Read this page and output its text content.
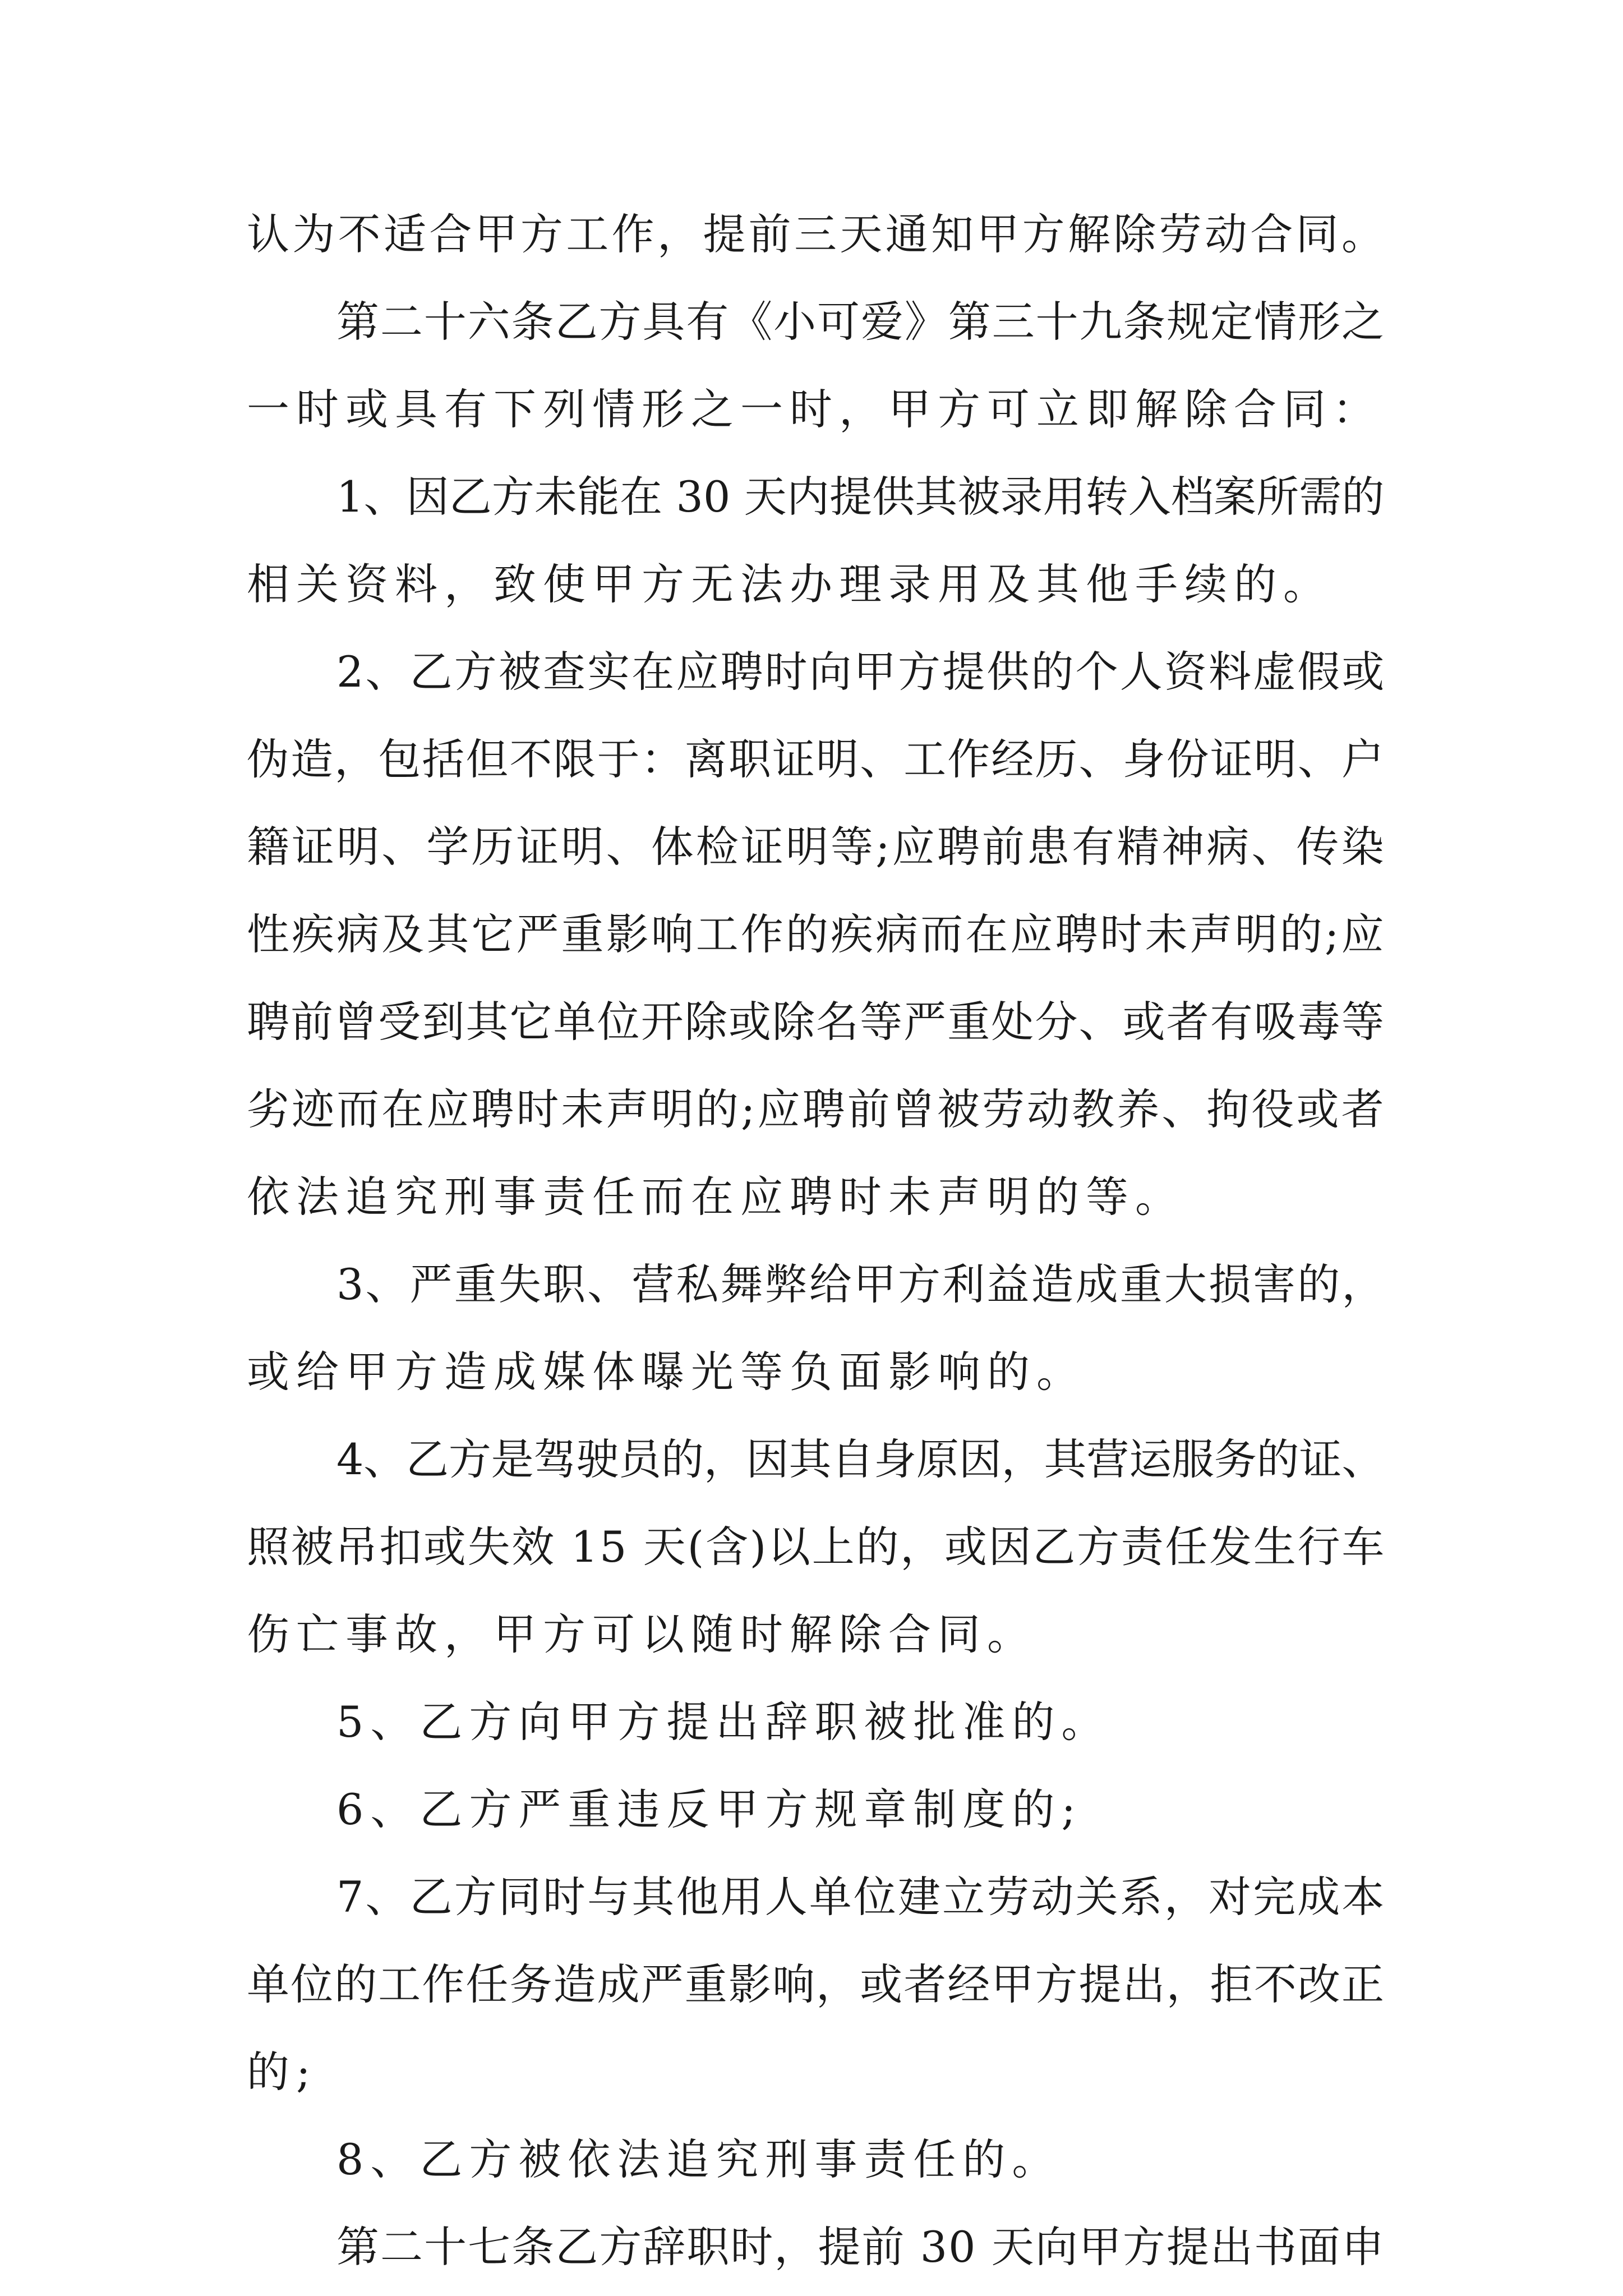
认为不适合甲方工作，提前三天通知甲方解除劳动合同。

第二十六条乙方具有《小可爱》第三十九条规定情形之

一时或具有下列情形之一时，甲方可立即解除合同：

1、因乙方未能在 30 天内提供其被录用转入档案所需的

相关资料，致使甲方无法办理录用及其他手续的。

2、乙方被查实在应聘时向甲方提供的个人资料虚假或

伪造，包括但不限于：离职证明、工作经历、身份证明、户

籍证明、学历证明、体检证明等;应聘前患有精神病、传染

性疾病及其它严重影响工作的疾病而在应聘时未声明的;应

聘前曾受到其它单位开除或除名等严重处分、或者有吸毒等

劣迹而在应聘时未声明的;应聘前曾被劳动教养、拘役或者

依法追究刑事责任而在应聘时未声明的等。

3、严重失职、营私舞弊给甲方利益造成重大损害的，

或给甲方造成媒体曝光等负面影响的。

4、乙方是驾驶员的，因其自身原因，其营运服务的证、

照被吊扣或失效 15 天(含)以上的，或因乙方责任发生行车

伤亡事故，甲方可以随时解除合同。

5、乙方向甲方提出辞职被批准的。

6、乙方严重违反甲方规章制度的;

7、乙方同时与其他用人单位建立劳动关系，对完成本

单位的工作任务造成严重影响，或者经甲方提出，拒不改正

的;

8、乙方被依法追究刑事责任的。

第二十七条乙方辞职时，提前 30 天向甲方提出书面申
